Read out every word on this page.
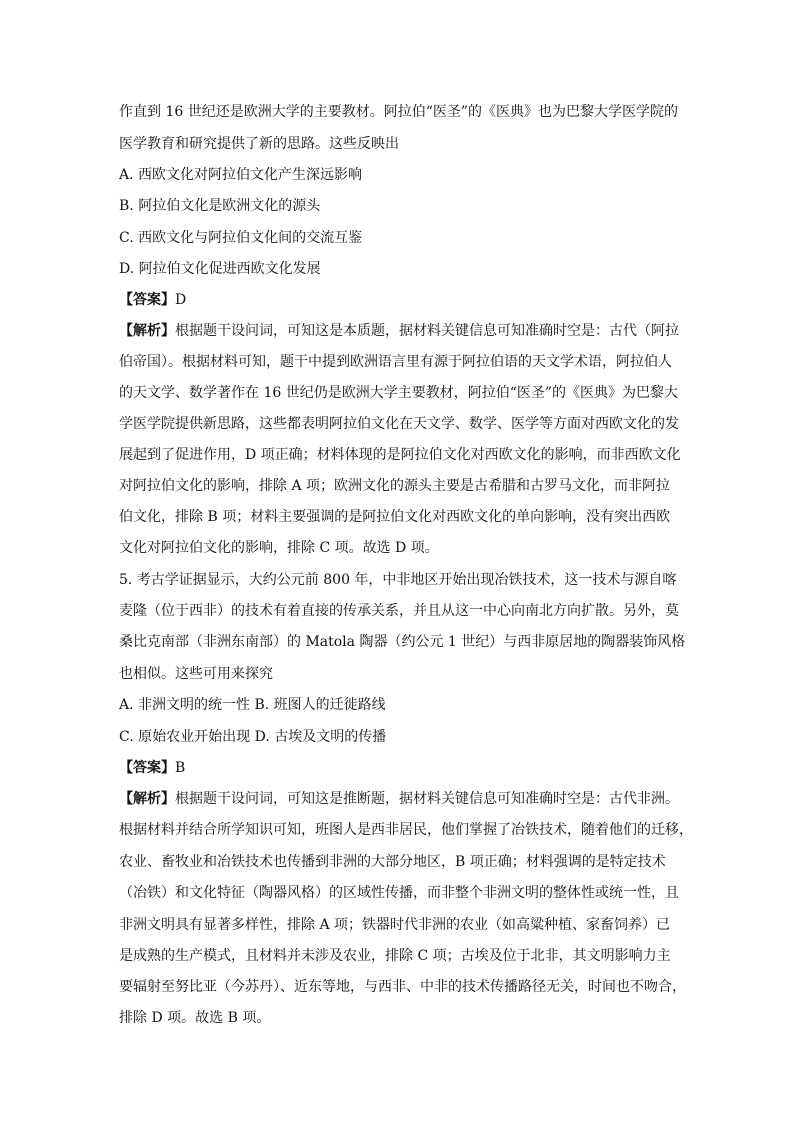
作直到 16 世纪还是欧洲大学的主要教材。阿拉伯“医圣”的《医典》也为巴黎大学医学院的
医学教育和研究提供了新的思路。这些反映出
A. 西欧文化对阿拉伯文化产生深远影响
B. 阿拉伯文化是欧洲文化的源头
C. 西欧文化与阿拉伯文化间的交流互鉴
D. 阿拉伯文化促进西欧文化发展
【答案】D
【解析】根据题干设问词，可知这是本质题，据材料关键信息可知准确时空是：古代（阿拉
伯帝国）。根据材料可知，题干中提到欧洲语言里有源于阿拉伯语的天文学术语，阿拉伯人
的天文学、数学著作在 16 世纪仍是欧洲大学主要教材，阿拉伯“医圣”的《医典》为巴黎大
学医学院提供新思路，这些都表明阿拉伯文化在天文学、数学、医学等方面对西欧文化的发
展起到了促进作用，D 项正确；材料体现的是阿拉伯文化对西欧文化的影响，而非西欧文化
对阿拉伯文化的影响，排除 A 项；欧洲文化的源头主要是古希腊和古罗马文化，而非阿拉
伯文化，排除 B 项；材料主要强调的是阿拉伯文化对西欧文化的单向影响，没有突出西欧
文化对阿拉伯文化的影响，排除 C 项。故选 D 项。
5. 考古学证据显示，大约公元前 800 年，中非地区开始出现冶铁技术，这一技术与源自喀
麦隆（位于西非）的技术有着直接的传承关系，并且从这一中心向南北方向扩散。另外，莫
桑比克南部（非洲东南部）的 Matola 陶器（约公元 1 世纪）与西非原居地的陶器装饰风格
也相似。这些可用来探究
A. 非洲文明的统一性 B. 班图人的迁徙路线
C. 原始农业开始出现 D. 古埃及文明的传播
【答案】B
【解析】根据题干设问词，可知这是推断题，据材料关键信息可知准确时空是：古代非洲。
根据材料并结合所学知识可知，班图人是西非居民，他们掌握了冶铁技术，随着他们的迁移，
农业、畜牧业和冶铁技术也传播到非洲的大部分地区，B 项正确；材料强调的是特定技术
（冶铁）和文化特征（陶器风格）的区域性传播，而非整个非洲文明的整体性或统一性，且
非洲文明具有显著多样性，排除 A 项；铁器时代非洲的农业（如高粱种植、家畜饲养）已
是成熟的生产模式，且材料并未涉及农业，排除 C 项；古埃及位于北非，其文明影响力主
要辐射至努比亚（今苏丹）、近东等地，与西非、中非的技术传播路径无关，时间也不吻合，
排除 D 项。故选 B 项。
